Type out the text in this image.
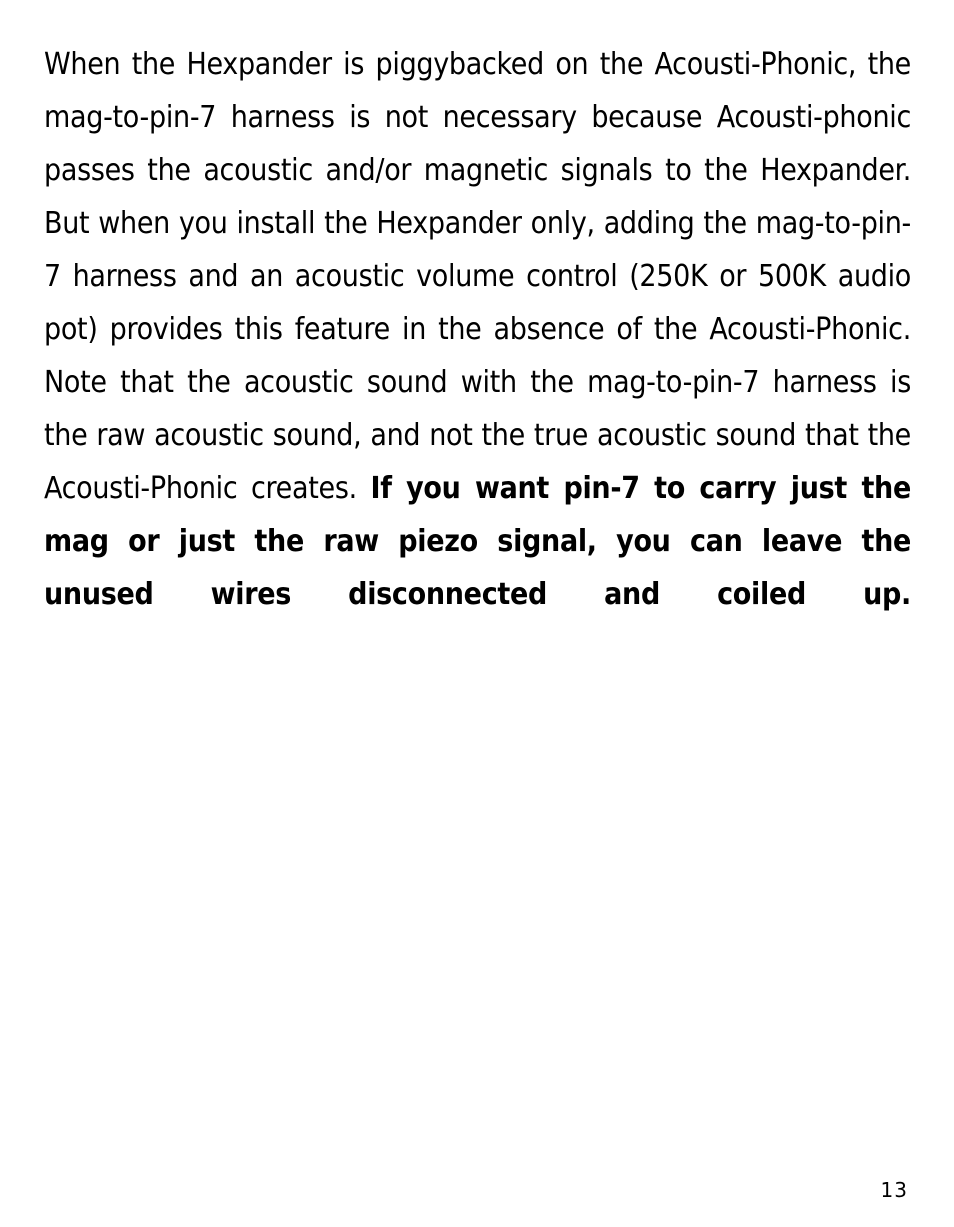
When the Hexpander is piggybacked on the Acousti-Phonic, the mag-to-pin-7 harness is not necessary because Acousti-phonic passes the acoustic and/or magnetic signals to the Hexpander. But when you install the Hexpander only, adding the mag-to-pin-7 harness and an acoustic volume control (250K or 500K audio pot) provides this feature in the absence of the Acousti-Phonic. Note that the acoustic sound with the mag-to-pin-7 harness is the raw acoustic sound, and not the true acoustic sound that the Acousti-Phonic creates. If you want pin-7 to carry just the mag or just the raw piezo signal, you can leave the unused wires disconnected and coiled up.

13
